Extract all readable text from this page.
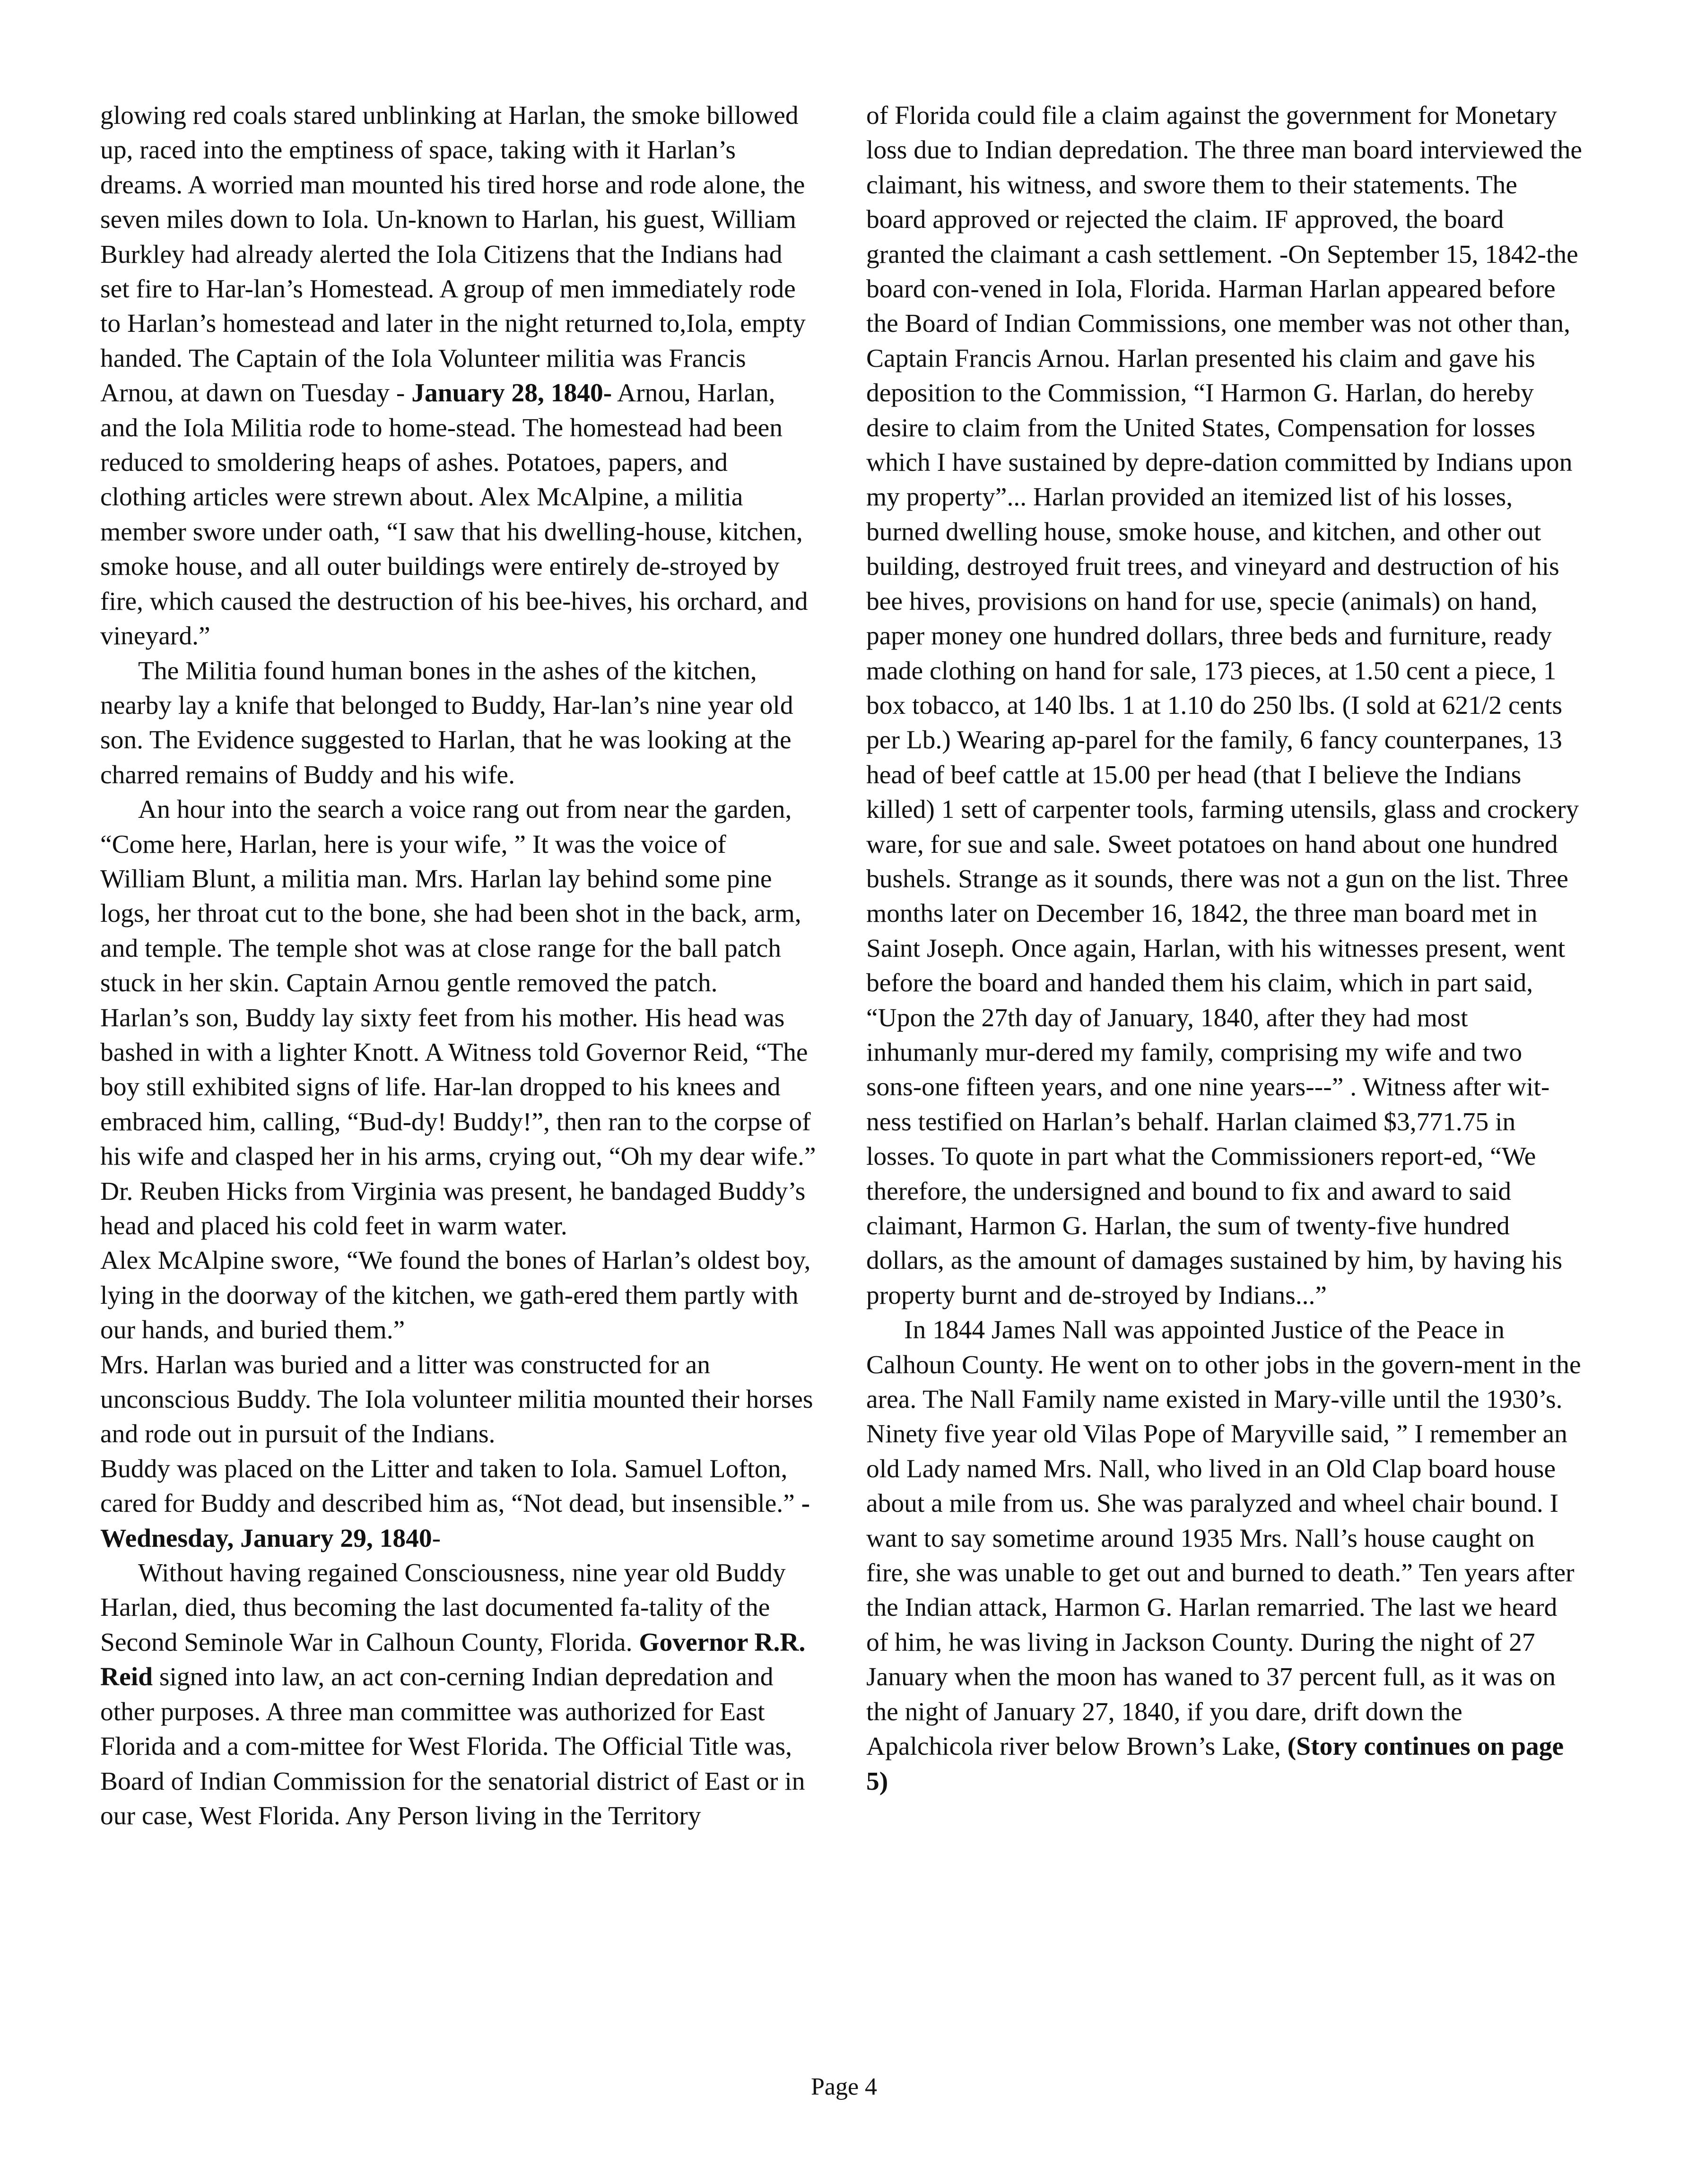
glowing red coals stared unblinking at Harlan, the smoke billowed up, raced into the emptiness of space, taking with it Harlan’s dreams. A worried man mounted his tired horse and rode alone, the seven miles down to Iola. Un-known to Harlan, his guest, William Burkley had already alerted the Iola Citizens that the Indians had set fire to Har-lan’s Homestead. A group of men immediately rode to Harlan’s homestead and later in the night returned to,Iola, empty handed. The Captain of the Iola Volunteer militia was Francis Arnou, at dawn on Tuesday - January 28, 1840- Arnou, Harlan, and the Iola Militia rode to home-stead. The homestead had been reduced to smoldering heaps of ashes. Potatoes, papers, and clothing articles were strewn about. Alex McAlpine, a militia member swore under oath, “I saw that his dwelling-house, kitchen, smoke house, and all outer buildings were entirely de-stroyed by fire, which caused the destruction of his bee-hives, his orchard, and vineyard.”

The Militia found human bones in the ashes of the kitchen, nearby lay a knife that belonged to Buddy, Har-lan’s nine year old son. The Evidence suggested to Harlan, that he was looking at the charred remains of Buddy and his wife.

An hour into the search a voice rang out from near the garden, “Come here, Harlan, here is your wife, ” It was the voice of William Blunt, a militia man. Mrs. Harlan lay behind some pine logs, her throat cut to the bone, she had been shot in the back, arm, and temple. The temple shot was at close range for the ball patch stuck in her skin. Captain Arnou gentle removed the patch.

Harlan’s son, Buddy lay sixty feet from his mother. His head was bashed in with a lighter Knott. A Witness told Governor Reid, “The boy still exhibited signs of life. Har-lan dropped to his knees and embraced him, calling, “Bud-dy! Buddy!”, then ran to the corpse of his wife and clasped her in his arms, crying out, “Oh my dear wife.”

Dr. Reuben Hicks from Virginia was present, he bandaged Buddy’s head and placed his cold feet in warm water.

Alex McAlpine swore, “We found the bones of Harlan’s oldest boy, lying in the doorway of the kitchen, we gath-ered them partly with our hands, and buried them.”

Mrs. Harlan was buried and a litter was constructed for an unconscious Buddy. The Iola volunteer militia mounted their horses and rode out in pursuit of the Indians.

Buddy was placed on the Litter and taken to Iola. Samuel Lofton, cared for Buddy and described him as, “Not dead, but insensible.” -Wednesday, January 29, 1840-

Without having regained Consciousness, nine year old Buddy Harlan, died, thus becoming the last documented fa-tality of the Second Seminole War in Calhoun County, Florida. Governor R.R. Reid signed into law, an act con-cerning Indian depredation and other purposes. A three man committee was authorized for East Florida and a com-mittee for West Florida. The Official Title was, Board of Indian Commission for the senatorial district of East or in our case, West Florida. Any Person living in the Territory

of Florida could file a claim against the government for Monetary loss due to Indian depredation. The three man board interviewed the claimant, his witness, and swore them to their statements. The board approved or rejected the claim. IF approved, the board granted the claimant a cash settlement. -On September 15, 1842-the board con-vened in Iola, Florida. Harman Harlan appeared before the Board of Indian Commissions, one member was not other than, Captain Francis Arnou. Harlan presented his claim and gave his deposition to the Commission, “I Harmon G. Harlan, do hereby desire to claim from the United States, Compensation for losses which I have sustained by depre-dation committed by Indians upon my property”... Harlan provided an itemized list of his losses, burned dwelling house, smoke house, and kitchen, and other out building, destroyed fruit trees, and vineyard and destruction of his bee hives, provisions on hand for use, specie (animals) on hand, paper money one hundred dollars, three beds and furniture, ready made clothing on hand for sale, 173 pieces, at 1.50 cent a piece, 1 box tobacco, at 140 lbs. 1 at 1.10 do 250 lbs. (I sold at 621/2 cents per Lb.) Wearing ap-parel for the family, 6 fancy counterpanes, 13 head of beef cattle at 15.00 per head (that I believe the Indians killed) 1 sett of carpenter tools, farming utensils, glass and crockery ware, for sue and sale. Sweet potatoes on hand about one hundred bushels. Strange as it sounds, there was not a gun on the list. Three months later on December 16, 1842, the three man board met in Saint Joseph. Once again, Harlan, with his witnesses present, went before the board and handed them his claim, which in part said, “Upon the 27th day of January, 1840, after they had most inhumanly mur-dered my family, comprising my wife and two sons-one fifteen years, and one nine years---” . Witness after wit-ness testified on Harlan’s behalf. Harlan claimed $3,771.75 in losses. To quote in part what the Commissioners report-ed, “We therefore, the undersigned and bound to fix and award to said claimant, Harmon G. Harlan, the sum of twenty-five hundred dollars, as the amount of damages sustained by him, by having his property burnt and de-stroyed by Indians...”

In 1844 James Nall was appointed Justice of the Peace in Calhoun County. He went on to other jobs in the govern-ment in the area. The Nall Family name existed in Mary-ville until the 1930’s. Ninety five year old Vilas Pope of Maryville said, ” I remember an old Lady named Mrs. Nall, who lived in an Old Clap board house about a mile from us. She was paralyzed and wheel chair bound. I want to say sometime around 1935 Mrs. Nall’s house caught on fire, she was unable to get out and burned to death.” Ten years after the Indian attack, Harmon G. Harlan remarried. The last we heard of him, he was living in Jackson County. During the night of 27 January when the moon has waned to 37 percent full, as it was on the night of January 27, 1840, if you dare, drift down the Apalchicola river below Brown’s Lake, (Story continues on page 5)

Page 4
